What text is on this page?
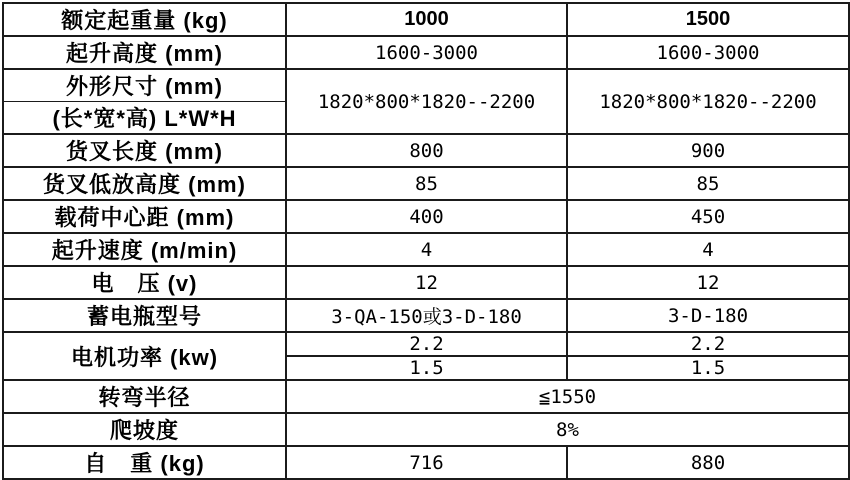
额定起重量 (kg)	1000	1500
起升高度 (mm)	1600-3000	1600-3000
外形尺寸 (mm)	1820*800*1820--2200	1820*800*1820--2200
(长*宽*高) L*W*H		
货叉长度 (mm)	800	900
货叉低放高度 (mm)	85	85
载荷中心距 (mm)	400	450
起升速度 (m/min)	4	4
电　压 (v)	12	12
蓄电瓶型号	3-QA-150或3-D-180	3-D-180
电机功率 (kw)	2.2	2.2
	1.5	1.5
转弯半径	≦1550	
爬坡度	8%	
自　重 (kg)	716	880
